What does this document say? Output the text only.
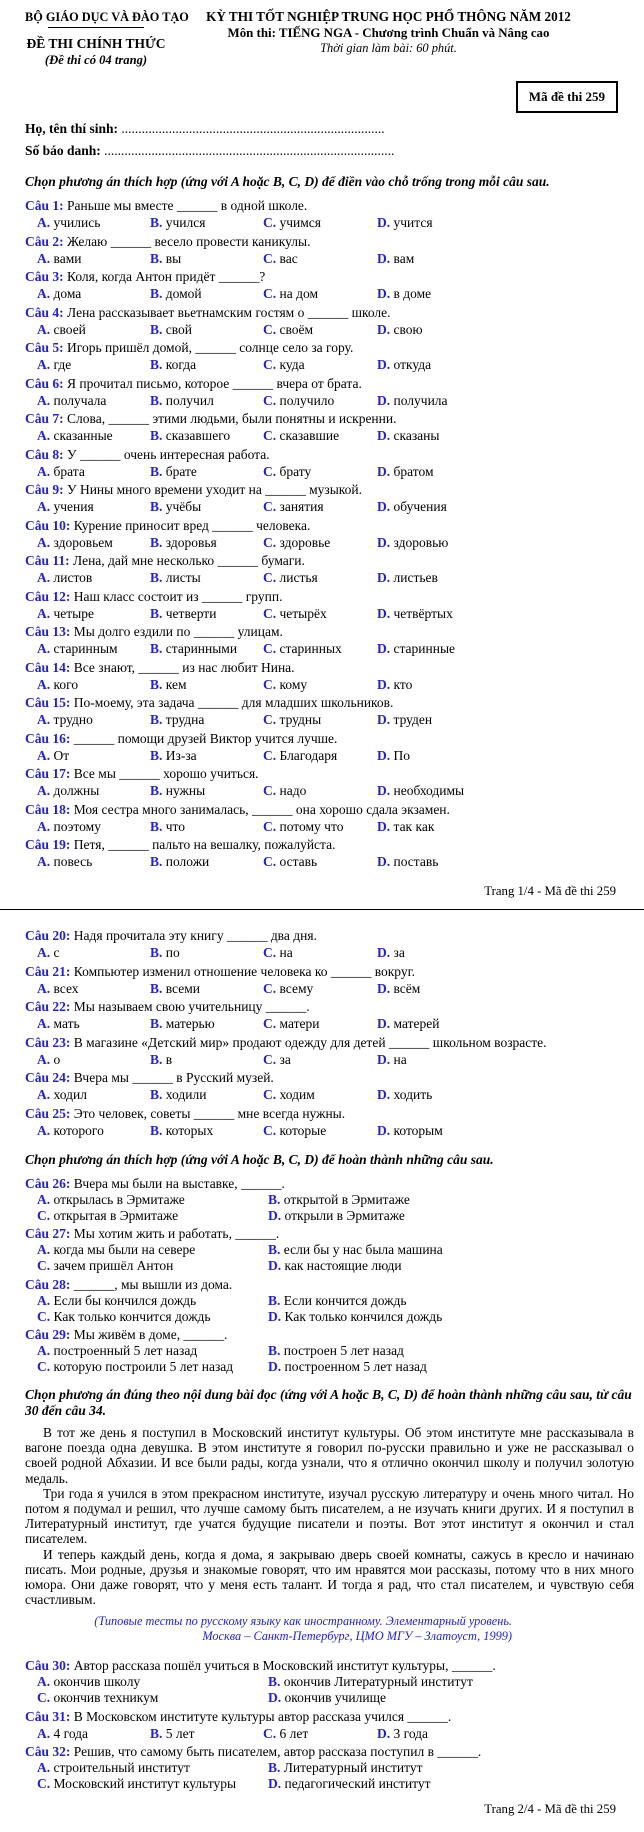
BỘ GIÁO DỤC VÀ ĐÀO TẠO
ĐỀ THI CHÍNH THỨC
(Đề thi có 04 trang)
KỲ THI TỐT NGHIỆP TRUNG HỌC PHỔ THÔNG NĂM 2012
Môn thi: TIẾNG NGA - Chương trình Chuẩn và Nâng cao
Thời gian làm bài: 60 phút.
Mã đề thi 259
Họ, tên thí sinh: ..............................................................................
Số báo danh: ......................................................................................
Chọn phương án thích hợp (ứng với A hoặc B, C, D) để điền vào chỗ trống trong mỗi câu sau.
Câu 1: Раньше мы вместе ______ в одной школе.
A. учились	B. учился	C. учимся	D. учится
Câu 2: Желаю ______ весело провести каникулы.
A. вами	B. вы	C. вас	D. вам
Câu 3: Коля, когда Антон придёт ______?
A. дома	B. домой	C. на дом	D. в доме
Câu 4: Лена рассказывает вьетнамским гостям о ______ школе.
A. своей	B. свой	C. своём	D. свою
Câu 5: Игорь пришёл домой, ______ солнце село за гору.
A. где	B. когда	C. куда	D. откуда
Câu 6: Я прочитал письмо, которое ______ вчера от брата.
A. получала	B. получил	C. получило	D. получила
Câu 7: Слова, ______ этими людьми, были понятны и искренни.
A. сказанные	B. сказавшего	C. сказавшие	D. сказаны
Câu 8: У ______ очень интересная работа.
A. брата	B. брате	C. брату	D. братом
Câu 9: У Нины много времени уходит на ______ музыкой.
A. учения	B. учёбы	C. занятия	D. обучения
Câu 10: Курение приносит вред ______ человека.
A. здоровьем	B. здоровья	C. здоровье	D. здоровью
Câu 11: Лена, дай мне несколько ______ бумаги.
A. листов	B. листы	C. листья	D. листьев
Câu 12: Наш класс состоит из ______ групп.
A. четыре	B. четверти	C. четырёх	D. четвёртых
Câu 13: Мы долго ездили по ______ улицам.
A. старинным	B. старинными	C. старинных	D. старинные
Câu 14: Все знают, ______ из нас любит Нина.
A. кого	B. кем	C. кому	D. кто
Câu 15: По-моему, эта задача ______ для младших школьников.
A. трудно	B. трудна	C. трудны	D. труден
Câu 16: ______ помощи друзей Виктор учится лучше.
A. От	B. Из-за	C. Благодаря	D. По
Câu 17: Все мы ______ хорошо учиться.
A. должны	B. нужны	C. надо	D. необходимы
Câu 18: Моя сестра много занималась, ______ она хорошо сдала экзамен.
A. поэтому	B. что	C. потому что	D. так как
Câu 19: Петя, ______ пальто на вешалку, пожалуйста.
A. повесь	B. положи	C. оставь	D. поставь
Trang 1/4 - Mã đề thi 259
Câu 20: Надя прочитала эту книгу ______ два дня.
A. с	B. по	C. на	D. за
Câu 21: Компьютер изменил отношение человека ко ______ вокруг.
A. всех	B. всеми	C. всему	D. всём
Câu 22: Мы называем свою учительницу ______.
A. мать	B. матерью	C. матери	D. матерей
Câu 23: В магазине «Детский мир» продают одежду для детей ______ школьном возрасте.
A. о	B. в	C. за	D. на
Câu 24: Вчера мы ______ в Русский музей.
A. ходил	B. ходили	C. ходим	D. ходить
Câu 25: Это человек, советы ______ мне всегда нужны.
A. которого	B. которых	C. которые	D. которым
Chọn phương án thích hợp (ứng với A hoặc B, C, D) để hoàn thành những câu sau.
Câu 26: Вчера мы были на выставке, ______.
A. открылась в Эрмитаже	B. открытой в Эрмитаже
C. открытая в Эрмитаже	D. открыли в Эрмитаже
Câu 27: Мы хотим жить и работать, ______.
A. когда мы были на севере	B. если бы у нас была машина
C. зачем пришёл Антон	D. как настоящие люди
Câu 28: ______, мы вышли из дома.
A. Если бы кончился дождь	B. Если кончится дождь
C. Как только кончится дождь	D. Как только кончился дождь
Câu 29: Мы живём в доме, ______.
A. построенный 5 лет назад	B. построен 5 лет назад
C. которую построили 5 лет назад	D. построенном 5 лет назад
Chọn phương án đúng theo nội dung bài đọc (ứng với A hoặc B, C, D) để hoàn thành những câu sau, từ câu 30 đến câu 34.

В тот же день я поступил в Московский институт культуры. Об этом институте мне рассказывала в вагоне поезда одна девушка. В этом институте я говорил по-русски правильно и уже не рассказывал о своей родной Абхазии. И все были рады, когда узнали, что я отлично окончил школу и получил золотую медаль.

Три года я учился в этом прекрасном институте, изучал русскую литературу и очень много читал. Но потом я подумал и решил, что лучше самому быть писателем, а не изучать книги других. И я поступил в Литературный институт, где учатся будущие писатели и поэты. Вот этот институт я окончил и стал писателем.

И теперь каждый день, когда я дома, я закрываю дверь своей комнаты, сажусь в кресло и начинаю писать. Мои родные, друзья и знакомые говорят, что им нравятся мои рассказы, потому что в них много юмора. Они даже говорят, что у меня есть талант. И тогда я рад, что стал писателем, и чувствую себя счастливым.

(Типовые тесты по русскому языку как иностранному. Элементарный уровень.
Москва – Санкт-Петербург, ЦМО МГУ – Златоуст, 1999)
Câu 30: Автор рассказа пошёл учиться в Московский институт культуры, ______.
A. окончив школу	B. окончив Литературный институт
C. окончив техникум	D. окончив училище
Câu 31: В Московском институте культуры автор рассказа учился ______.
A. 4 года	B. 5 лет	C. 6 лет	D. 3 года
Câu 32: Решив, что самому быть писателем, автор рассказа поступил в ______.
A. строительный институт	B. Литературный институт
C. Московский институт культуры	D. педагогический институт
Trang 2/4 - Mã đề thi 259
